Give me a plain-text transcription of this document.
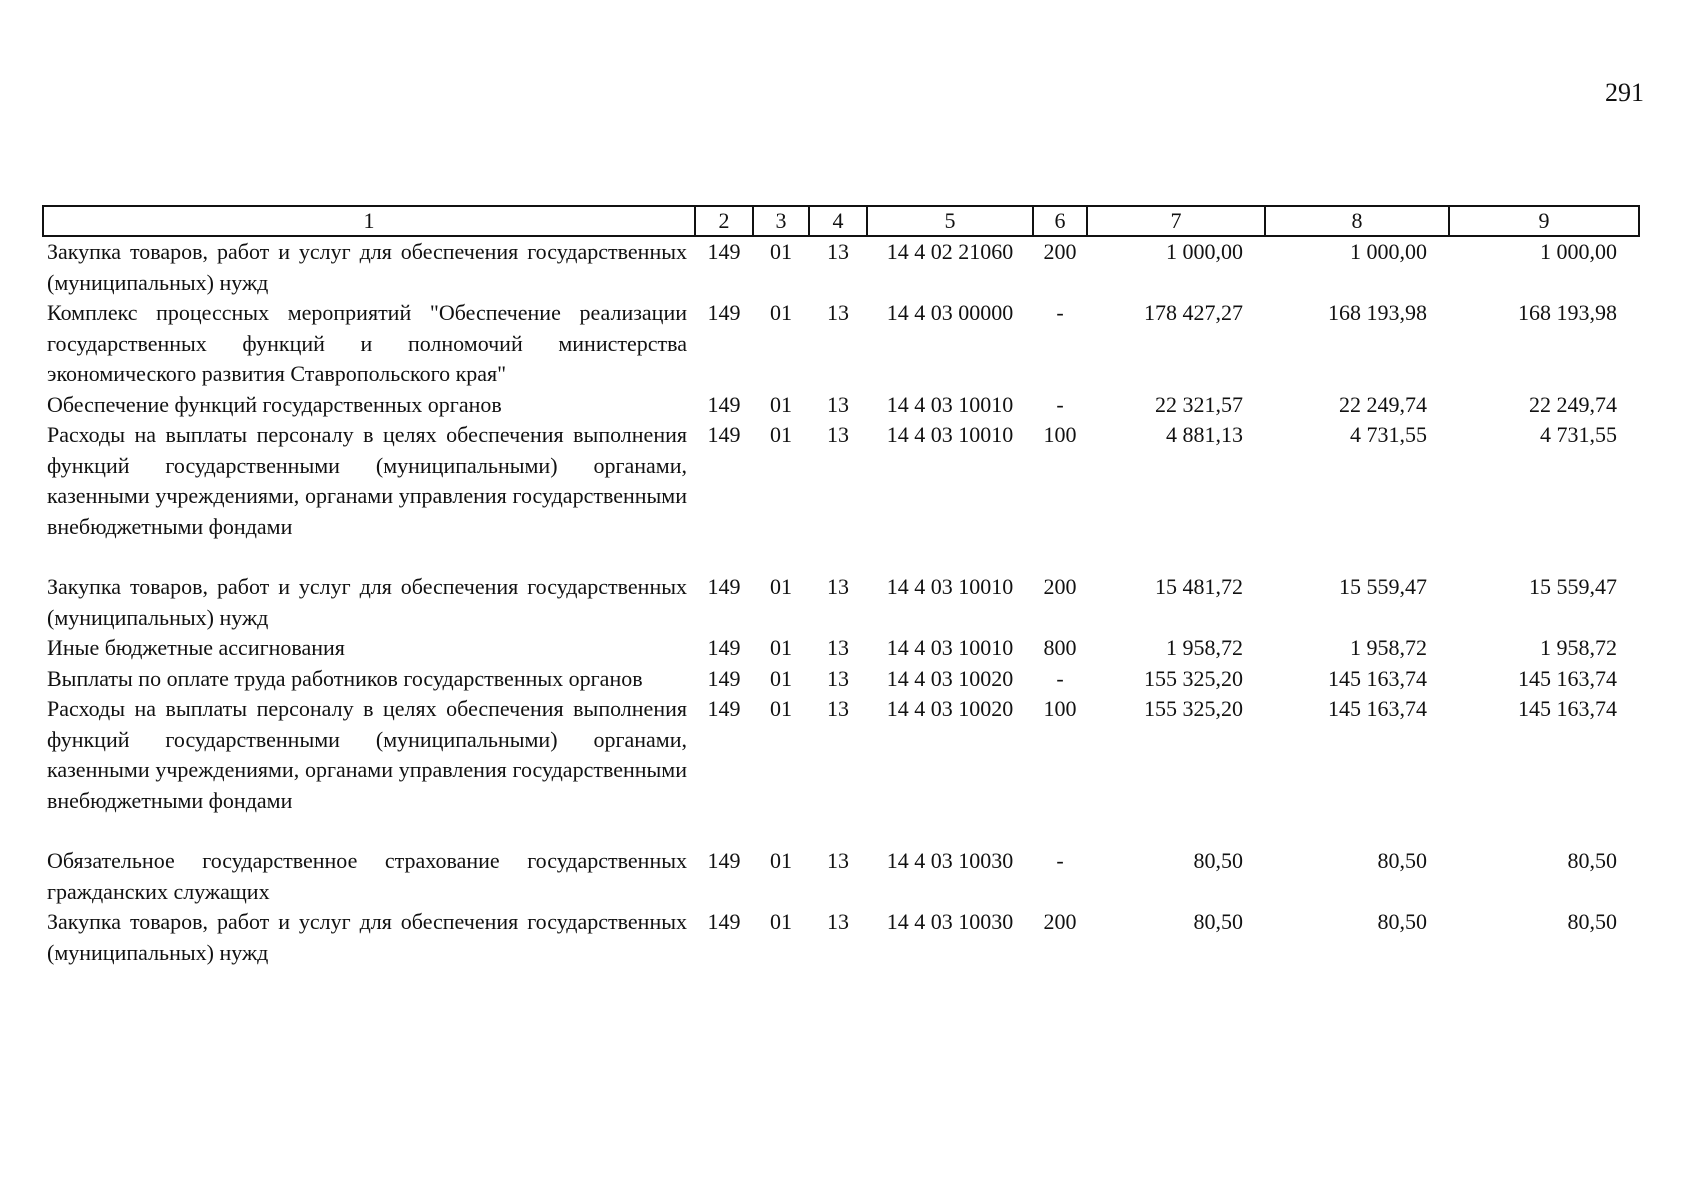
291
1	2	3	4	5	6	7	8	9
Закупка товаров, работ и услуг для обеспечения государственных (муниципальных) нужд	149	01	13	14 4 02 21060	200	1 000,00	1 000,00	1 000,00
Комплекс процессных мероприятий "Обеспечение реализации государственных функций и полномочий министерства экономического развития Ставропольского края"	149	01	13	14 4 03 00000	-	178 427,27	168 193,98	168 193,98
Обеспечение функций государственных органов	149	01	13	14 4 03 10010	-	22 321,57	22 249,74	22 249,74
Расходы на выплаты персоналу в целях обеспечения выполнения функций государственными (муниципальными) органами, казенными учреждениями, органами управления государственными внебюджетными фондами	149	01	13	14 4 03 10010	100	4 881,13	4 731,55	4 731,55
Закупка товаров, работ и услуг для обеспечения государственных (муниципальных) нужд	149	01	13	14 4 03 10010	200	15 481,72	15 559,47	15 559,47
Иные бюджетные ассигнования	149	01	13	14 4 03 10010	800	1 958,72	1 958,72	1 958,72
Выплаты по оплате труда работников государственных органов	149	01	13	14 4 03 10020	-	155 325,20	145 163,74	145 163,74
Расходы на выплаты персоналу в целях обеспечения выполнения функций государственными (муниципальными) органами, казенными учреждениями, органами управления государственными внебюджетными фондами	149	01	13	14 4 03 10020	100	155 325,20	145 163,74	145 163,74
Обязательное государственное страхование государственных гражданских служащих	149	01	13	14 4 03 10030	-	80,50	80,50	80,50
Закупка товаров, работ и услуг для обеспечения государственных (муниципальных) нужд	149	01	13	14 4 03 10030	200	80,50	80,50	80,50
